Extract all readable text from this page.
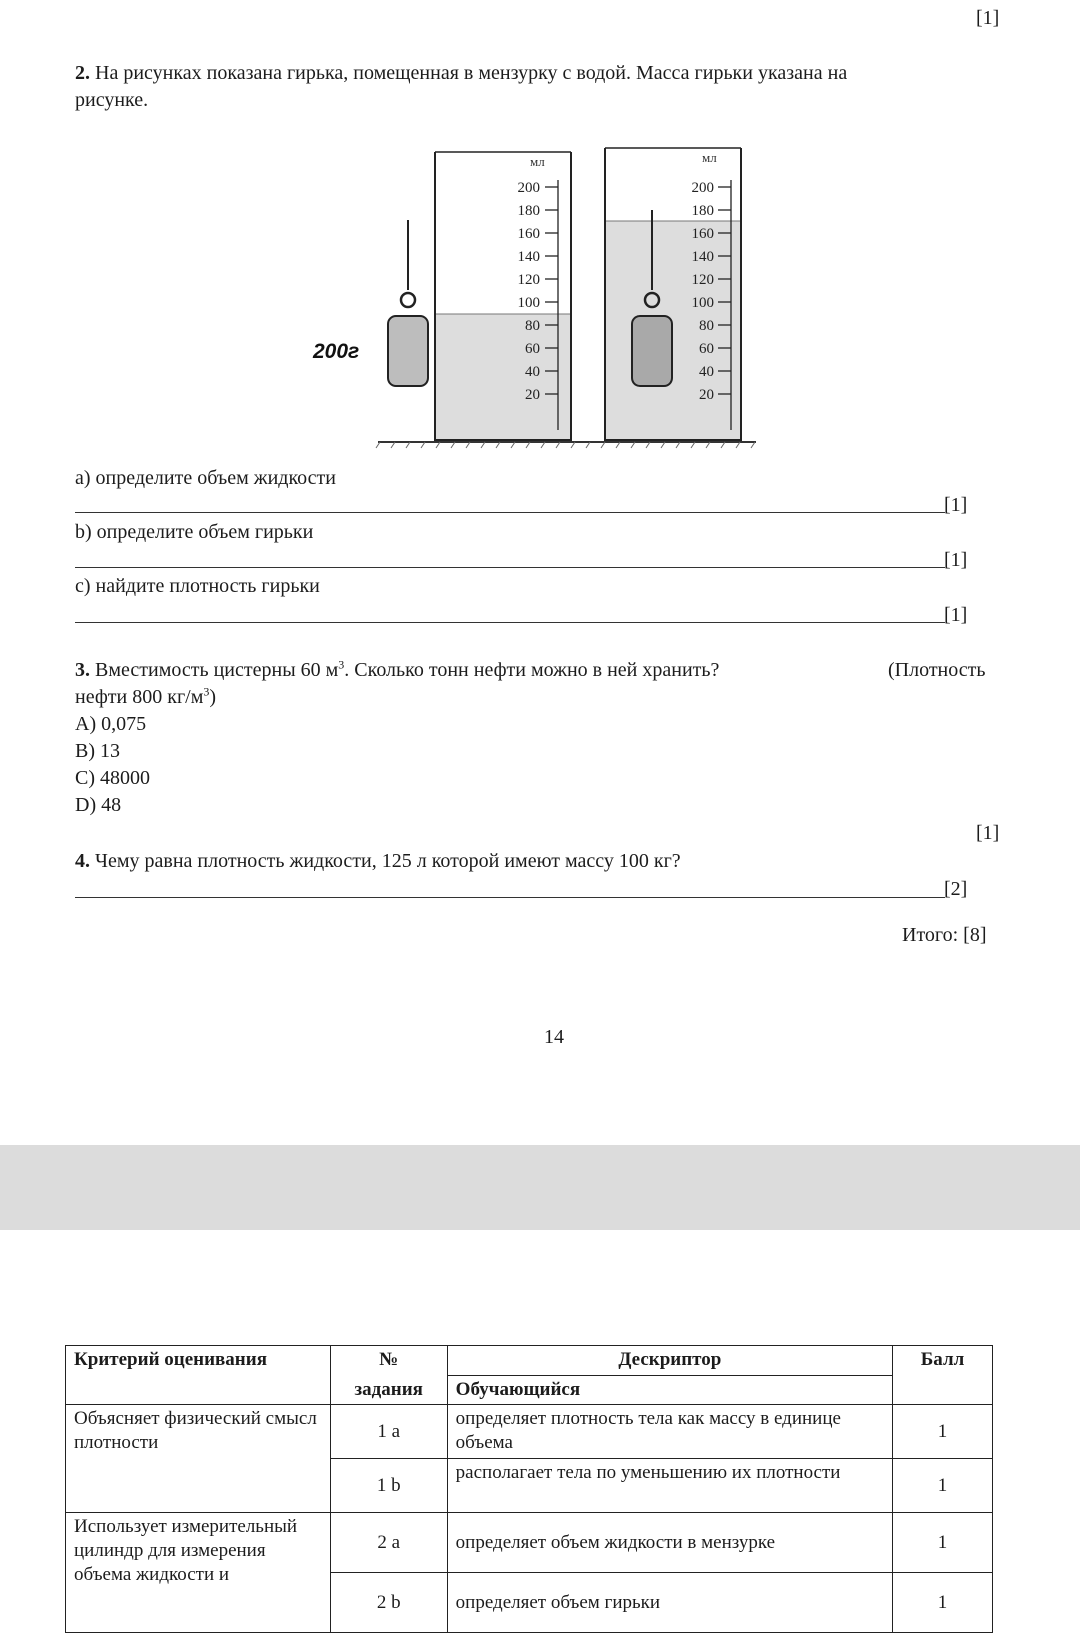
[1]
2. На рисунках показана гирька, помещенная в мензурку с водой. Масса гирьки указана на
рисунке.
мл
200
180
160
140
120
100
80
60
40
20
200г
мл
200
180
160
140
120
100
80
60
40
20
a) определите объем жидкости
[1]
b) определите объем гирьки
[1]
c) найдите плотность гирьки
[1]
3. Вместимость цистерны 60 $м^3$. Сколько тонн нефти можно в ней хранить?	(Плотность
нефти 800 $кг/м^3$)
A) 0,075
B) 13
C) 48000
D) 48
[1]
4. Чему равна плотность жидкости, 125 л которой имеют массу 100 кг?
[2]
Итого: [8]
14
Критерий оценивания	№	Дескриптор	Балл
	задания	Обучающийся	
Объясняет физический смысл плотности	1 a	определяет плотность тела как массу в единице объема	1
	1 b	располагает тела по уменьшению их плотности	1
Использует измерительный цилиндр для измерения объема жидкости и	2 a	определяет объем жидкости в мензурке	1
	2 b	определяет объем гирьки	1
